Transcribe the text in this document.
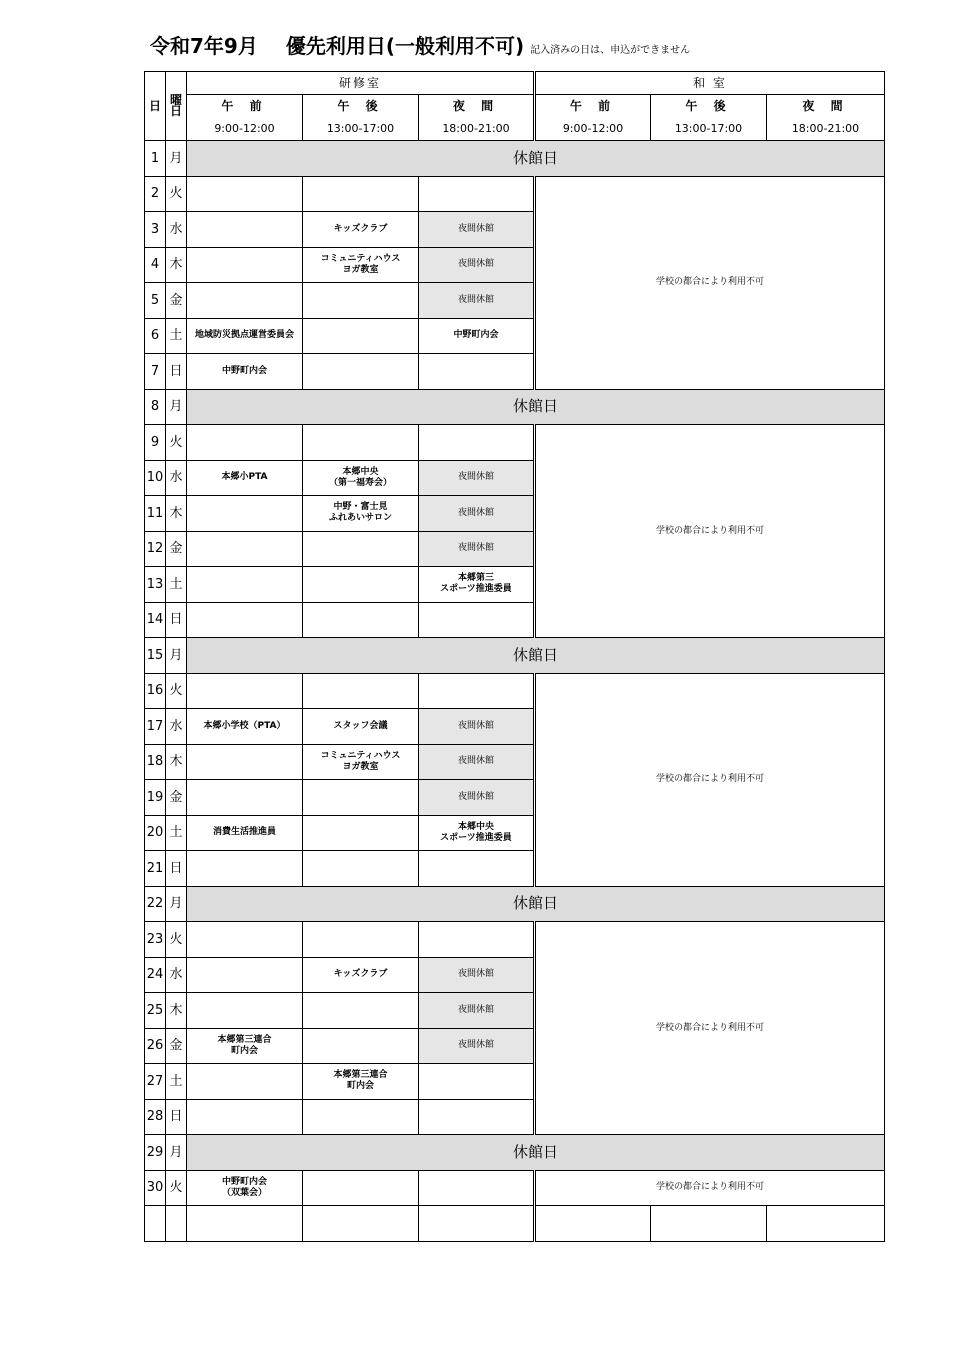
令和7年9月 優先利用日(一般利用不可) 記入済みの日は、申込ができません
日	曜日	研修室			和 室		
		午 前	午 後	夜 間	午 前	午 後	夜 間
		9:00-12:00	13:00-17:00	18:00-21:00	9:00-12:00	13:00-17:00	18:00-21:00
1	月	休館日					
2	火				学校の都合により利用不可		
3	水		キッズクラブ	夜間休館			
4	木		コミュニティハウス
ヨガ教室	夜間休館			
5	金			夜間休館			
6	土	地域防災拠点運営委員会		中野町内会			
7	日	中野町内会					
8	月	休館日					
9	火				学校の都合により利用不可		
10	水	本郷小PTA	本郷中央
（第一福寿会）	夜間休館			
11	木		中野・富士見
ふれあいサロン	夜間休館			
12	金			夜間休館			
13	土			本郷第三
スポーツ推進委員			
14	日						
15	月	休館日					
16	火				学校の都合により利用不可		
17	水	本郷小学校（PTA）	スタッフ会議	夜間休館			
18	木		コミュニティハウス
ヨガ教室	夜間休館			
19	金			夜間休館			
20	土	消費生活推進員		本郷中央
スポーツ推進委員			
21	日						
22	月	休館日					
23	火				学校の都合により利用不可		
24	水		キッズクラブ	夜間休館			
25	木			夜間休館			
26	金	本郷第三連合
町内会		夜間休館			
27	土		本郷第三連合
町内会				
28	日						
29	月	休館日					
30	火	中野町内会
（双葉会）			学校の都合により利用不可		
